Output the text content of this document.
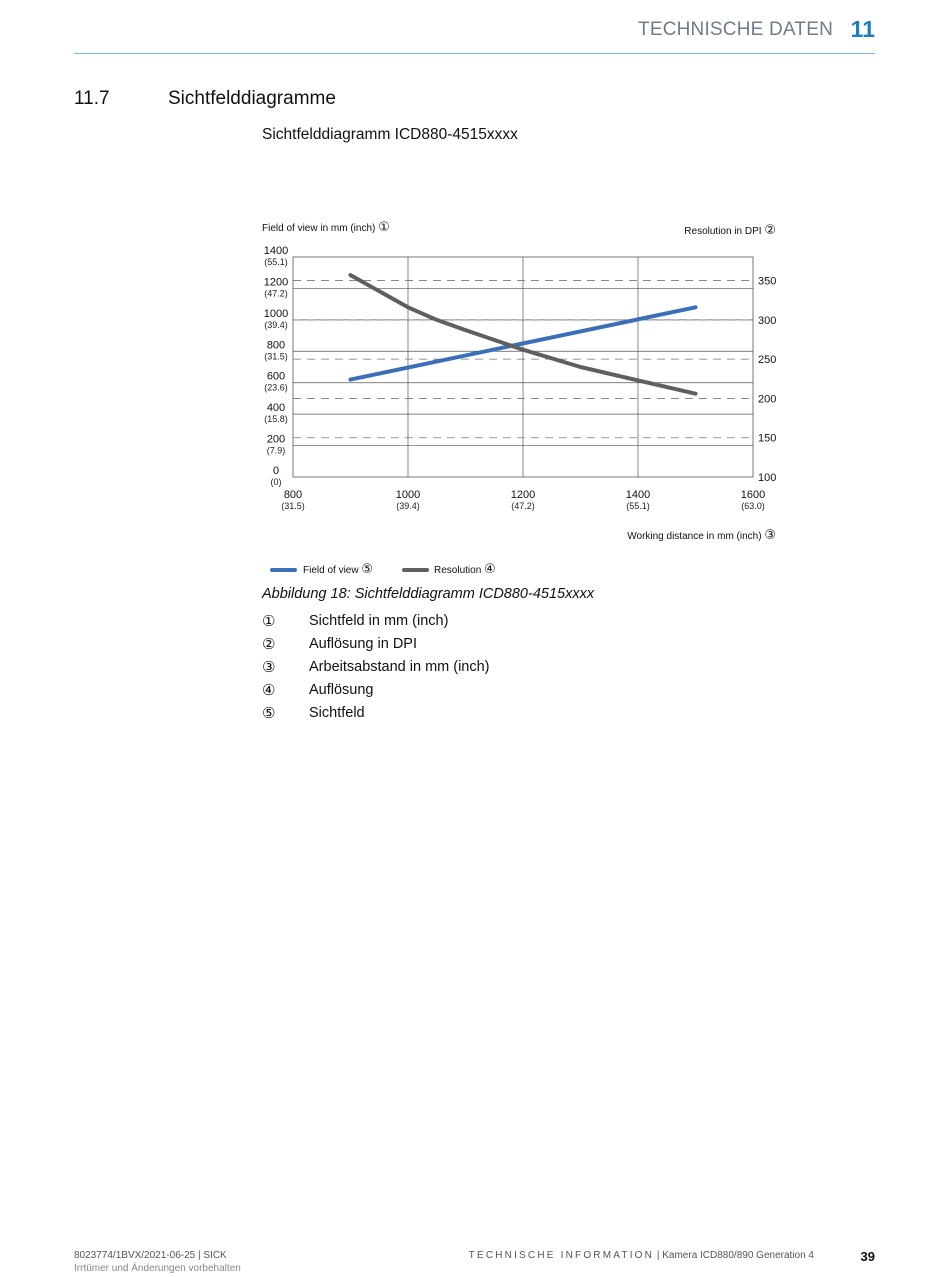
TECHNISCHE DATEN 11
11.7	Sichtfelddiagramme
Sichtfelddiagramm ICD880-4515xxxx
800
(31.5)
1000
(39.4)
1200
(47.2)
1400
(55.1)
1600
(63.0)
0
(0)
200
(7.9)
400
(15.8)
600
(23.6)
800
(31.5)
1000
(39.4)
1200
(47.2)
1400
(55.1)
100
150
200
250
300
350
Field of view in mm (inch) ①	Resolution in DPI ②
Working distance in mm (inch) ③
Field of view ⑤	Resolution ④
Abbildung 18: Sichtfelddiagramm ICD880-4515xxxx
① Sichtfeld in mm (inch)
② Auflösung in DPI
③ Arbeitsabstand in mm (inch)
④ Auflösung
⑤ Sichtfeld
8023774/1BVX/2021-06-25 | SICK
Irrtümer und Änderungen vorbehalten
TECHNISCHE INFORMATION | Kamera ICD880/890 Generation 4	39
